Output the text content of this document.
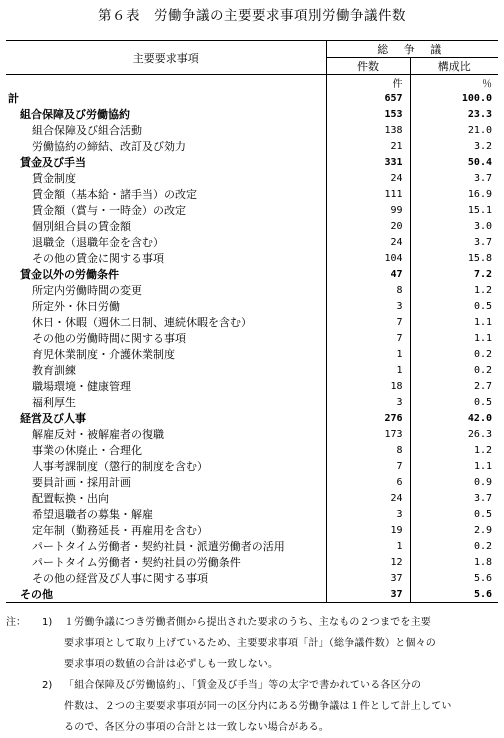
第６表　労働争議の主要要求事項別労働争議件数
主要要求事項	総 争 議	
	件数	構成比
	件	％
計	657	100.0
組合保障及び労働協約	153	23.3
組合保障及び組合活動	138	21.0
労働協約の締結、改訂及び効力	21	3.2
賃金及び手当	331	50.4
賃金制度	24	3.7
賃金額（基本給・諸手当）の改定	111	16.9
賃金額（賞与・一時金）の改定	99	15.1
個別組合員の賃金額	20	3.0
退職金（退職年金を含む）	24	3.7
その他の賃金に関する事項	104	15.8
賃金以外の労働条件	47	7.2
所定内労働時間の変更	8	1.2
所定外・休日労働	3	0.5
休日・休暇（週休二日制、連続休暇を含む）	7	1.1
その他の労働時間に関する事項	7	1.1
育児休業制度・介護休業制度	1	0.2
教育訓練	1	0.2
職場環境・健康管理	18	2.7
福利厚生	3	0.5
経営及び人事	276	42.0
解雇反対・被解雇者の復職	173	26.3
事業の休廃止・合理化	8	1.2
人事考課制度（懲行的制度を含む）	7	1.1
要員計画・採用計画	6	0.9
配置転換・出向	24	3.7
希望退職者の募集・解雇	3	0.5
定年制（勤務延長・再雇用を含む）	19	2.9
パートタイム労働者・契約社員・派遣労働者の活用	1	0.2
パートタイム労働者・契約社員の労働条件	12	1.8
その他の経営及び人事に関する事項	37	5.6
その他	37	5.6
注：	1)	１労働争議につき労働者側から提出された要求のうち、主なもの２つまでを主要
要求事項として取り上げているため、主要要求事項「計」（総争議件数）と個々の
要求事項の数値の合計は必ずしも一致しない。
2)	「組合保障及び労働協約」、「賃金及び手当」等の太字で書かれている各区分の
件数は、２つの主要要求事項が同一の区分内にある労働争議は１件として計上してい
るので、各区分の事項の合計とは一致しない場合がある。
